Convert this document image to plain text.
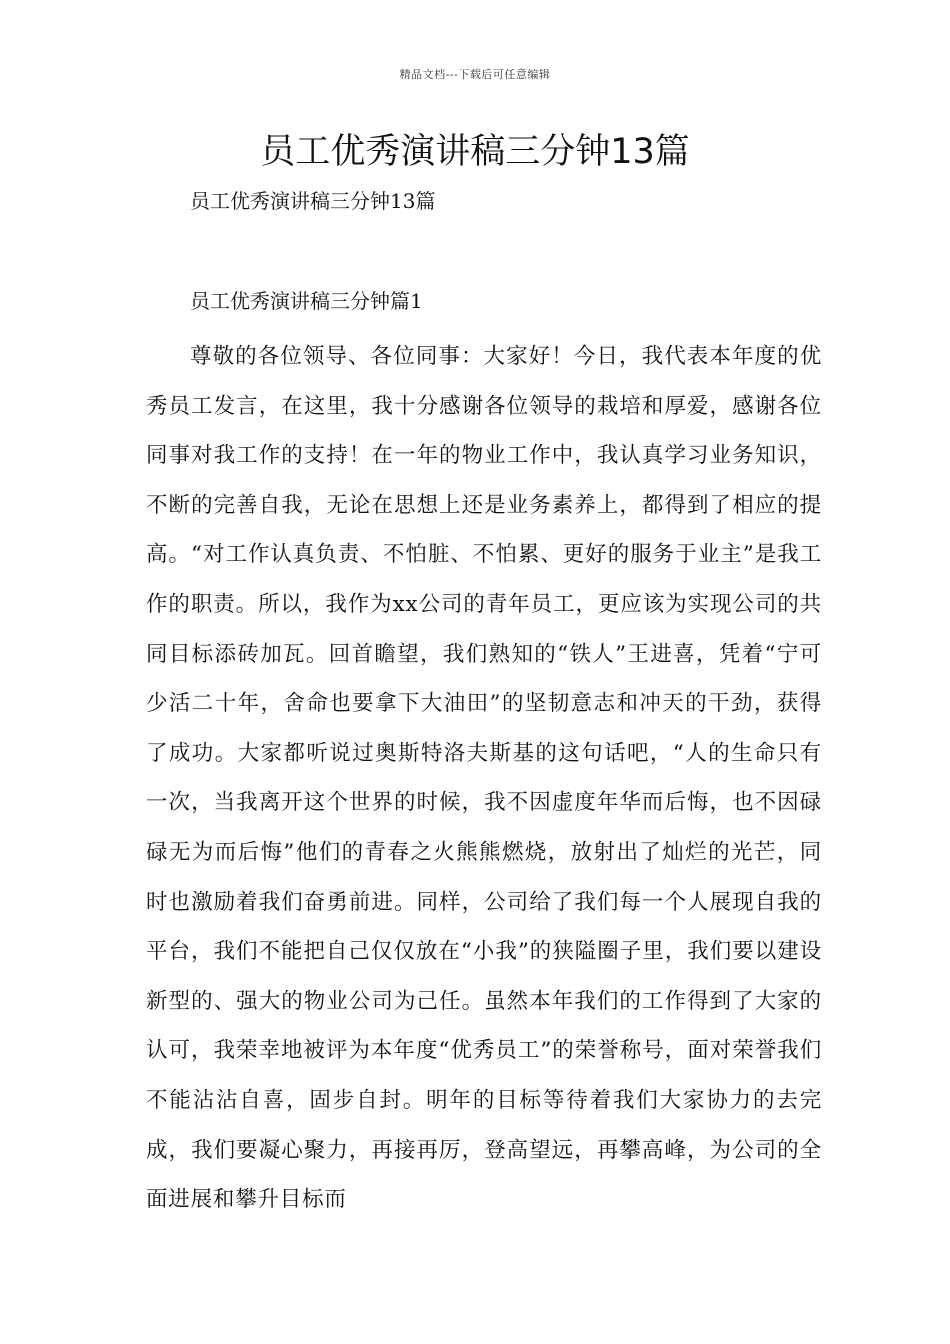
精品文档---下载后可任意编辑
员工优秀演讲稿三分钟13篇

员工优秀演讲稿三分钟13篇

员工优秀演讲稿三分钟篇1

尊敬的各位领导、各位同事：大家好！今日，我代表本年度的优秀员工发言，在这里，我十分感谢各位领导的栽培和厚爱，感谢各位同事对我工作的支持！在一年的物业工作中，我认真学习业务知识，不断的完善自我，无论在思想上还是业务素养上，都得到了相应的提高。“对工作认真负责、不怕脏、不怕累、更好的服务于业主”是我工作的职责。所以，我作为xx公司的青年员工，更应该为实现公司的共同目标添砖加瓦。回首瞻望，我们熟知的“铁人”王进喜，凭着“宁可少活二十年，舍命也要拿下大油田”的坚韧意志和冲天的干劲，获得了成功。大家都听说过奥斯特洛夫斯基的这句话吧，“人的生命只有一次，当我离开这个世界的时候，我不因虚度年华而后悔，也不因碌碌无为而后悔”他们的青春之火熊熊燃烧，放射出了灿烂的光芒，同时也激励着我们奋勇前进。同样，公司给了我们每一个人展现自我的平台，我们不能把自己仅仅放在“小我”的狭隘圈子里，我们要以建设新型的、强大的物业公司为己任。虽然本年我们的工作得到了大家的认可，我荣幸地被评为本年度“优秀员工”的荣誉称号，面对荣誉我们不能沾沾自喜，固步自封。明年的目标等待着我们大家协力的去完成，我们要凝心聚力，再接再厉，登高望远，再攀高峰，为公司的全面进展和攀升目标而
